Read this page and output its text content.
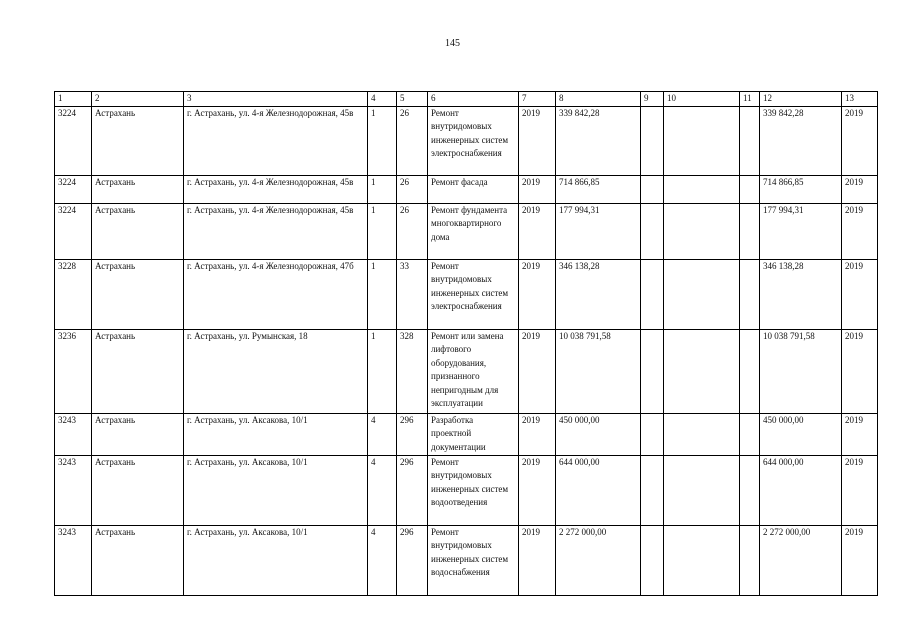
145
1	2	3	4	5	6	7	8	9	10	11	12	13
3224	Астрахань	г. Астрахань, ул. 4-я Железнодорожная, 45в	1	26	Ремонт внутридомовых инженерных систем электроснабжения	2019	339 842,28				339 842,28	2019
3224	Астрахань	г. Астрахань, ул. 4-я Железнодорожная, 45в	1	26	Ремонт фасада	2019	714 866,85				714 866,85	2019
3224	Астрахань	г. Астрахань, ул. 4-я Железнодорожная, 45в	1	26	Ремонт фундамента многоквартирного дома	2019	177 994,31				177 994,31	2019
3228	Астрахань	г. Астрахань, ул. 4-я Железнодорожная, 47б	1	33	Ремонт внутридомовых инженерных систем электроснабжения	2019	346 138,28				346 138,28	2019
3236	Астрахань	г. Астрахань, ул. Румынская, 18	1	328	Ремонт или замена лифтового оборудования, признанного непригодным для эксплуатации	2019	10 038 791,58				10 038 791,58	2019
3243	Астрахань	г. Астрахань, ул. Аксакова, 10/1	4	296	Разработка проектной документации	2019	450 000,00				450 000,00	2019
3243	Астрахань	г. Астрахань, ул. Аксакова, 10/1	4	296	Ремонт внутридомовых инженерных систем водоотведения	2019	644 000,00				644 000,00	2019
3243	Астрахань	г. Астрахань, ул. Аксакова, 10/1	4	296	Ремонт внутридомовых инженерных систем водоснабжения	2019	2 272 000,00				2 272 000,00	2019
